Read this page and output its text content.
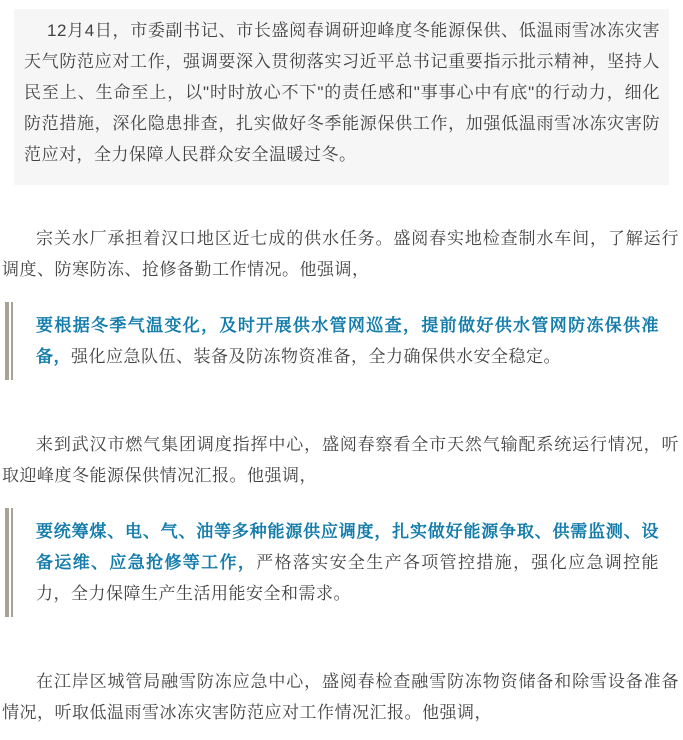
12月4日，市委副书记、市长盛阅春调研迎峰度冬能源保供、低温雨雪冰冻灾害天气防范应对工作，强调要深入贯彻落实习近平总书记重要指示批示精神，坚持人民至上、生命至上，以"时时放心不下"的责任感和"事事心中有底"的行动力，细化防范措施，深化隐患排查，扎实做好冬季能源保供工作，加强低温雨雪冰冻灾害防范应对，全力保障人民群众安全温暖过冬。

宗关水厂承担着汉口地区近七成的供水任务。盛阅春实地检查制水车间，了解运行调度、防寒防冻、抢修备勤工作情况。他强调，

要根据冬季气温变化，及时开展供水管网巡查，提前做好供水管网防冻保供准备，强化应急队伍、装备及防冻物资准备，全力确保供水安全稳定。

来到武汉市燃气集团调度指挥中心，盛阅春察看全市天然气输配系统运行情况，听取迎峰度冬能源保供情况汇报。他强调，

要统筹煤、电、气、油等多种能源供应调度，扎实做好能源争取、供需监测、设备运维、应急抢修等工作，严格落实安全生产各项管控措施，强化应急调控能力，全力保障生产生活用能安全和需求。

在江岸区城管局融雪防冻应急中心，盛阅春检查融雪防冻物资储备和除雪设备准备情况，听取低温雨雪冰冻灾害防范应对工作情况汇报。他强调，
